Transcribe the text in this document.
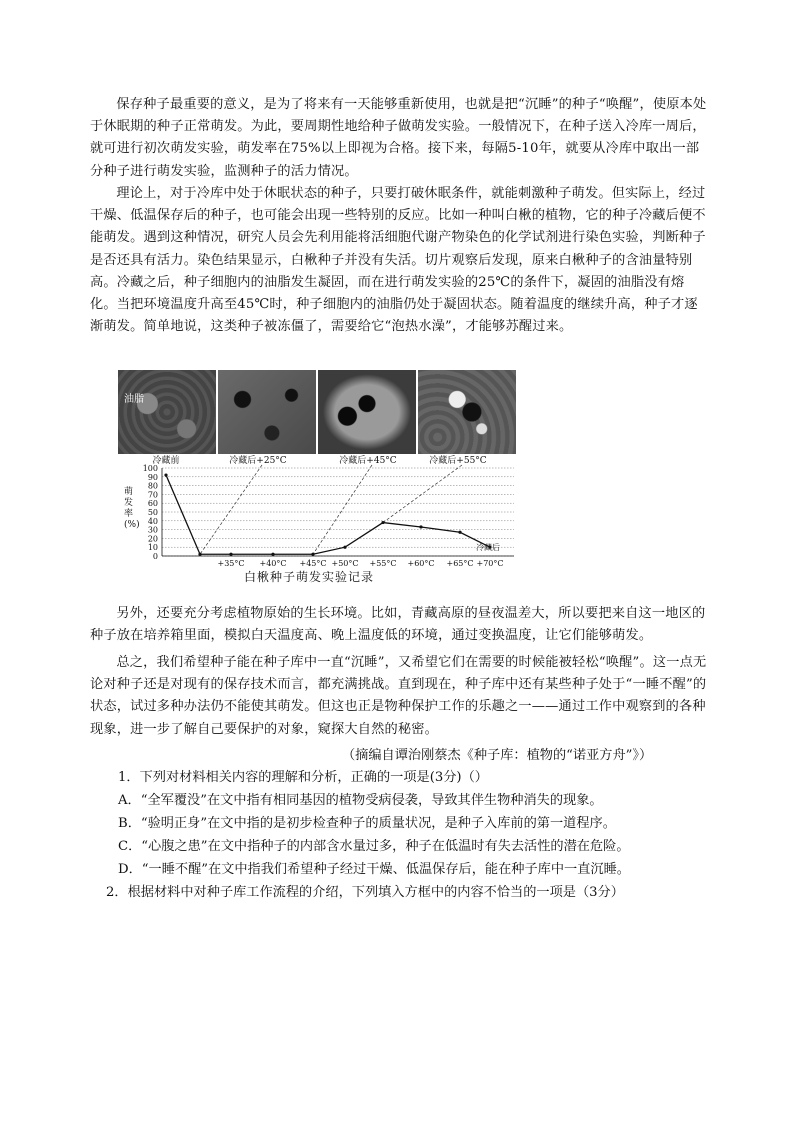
保存种子最重要的意义，是为了将来有一天能够重新使用，也就是把“沉睡”的种子“唤醒”，使原本处于休眠期的种子正常萌发。为此，要周期性地给种子做萌发实验。一般情况下，在种子送入冷库一周后，就可进行初次萌发实验，萌发率在75%以上即视为合格。接下来，每隔5-10年，就要从冷库中取出一部分种子进行萌发实验，监测种子的活力情况。

理论上，对于冷库中处于休眠状态的种子，只要打破休眠条件，就能刺激种子萌发。但实际上，经过干燥、低温保存后的种子，也可能会出现一些特别的反应。比如一种叫白楸的植物，它的种子冷藏后便不能萌发。遇到这种情况，研究人员会先利用能将活细胞代谢产物染色的化学试剂进行染色实验，判断种子是否还具有活力。染色结果显示，白楸种子并没有失活。切片观察后发现，原来白楸种子的含油量特别高。冷藏之后，种子细胞内的油脂发生凝固，而在进行萌发实验的25℃的条件下，凝固的油脂没有熔化。当把环境温度升高至45℃时，种子细胞内的油脂仍处于凝固状态。随着温度的继续升高，种子才逐渐萌发。简单地说，这类种子被冻僵了，需要给它“泡热水澡”，才能够苏醒过来。

油脂
0
10
20
30
40
50
60
70
80
90
100
+35°C +40°C +45°C +50°C +55°C +60°C +65°C +70°C
冷藏前	冷藏后+25°C	冷藏后+45°C	冷藏后+55°C
萌发率(%)
冷藏后
白楸种子萌发实验记录

另外，还要充分考虑植物原始的生长环境。比如，青藏高原的昼夜温差大，所以要把来自这一地区的种子放在培养箱里面，模拟白天温度高、晚上温度低的环境，通过变换温度，让它们能够萌发。

总之，我们希望种子能在种子库中一直“沉睡”，又希望它们在需要的时候能被轻松“唤醒”。这一点无论对种子还是对现有的保存技术而言，都充满挑战。直到现在，种子库中还有某些种子处于“一睡不醒”的状态，试过多种办法仍不能使其萌发。但这也正是物种保护工作的乐趣之一——通过工作中观察到的各种现象，进一步了解自己要保护的对象，窥探大自然的秘密。

（摘编自谭治刚蔡杰《种子库：植物的“诺亚方舟”》）

1．下列对材料相关内容的理解和分析，正确的一项是(3分)（）

A．“全军覆没”在文中指有相同基因的植物受病侵袭，导致其伴生物种消失的现象。

B．“验明正身”在文中指的是初步检查种子的质量状况，是种子入库前的第一道程序。

C．“心腹之患”在文中指种子的内部含水量过多，种子在低温时有失去活性的潜在危险。

D．“一睡不醒”在文中指我们希望种子经过干燥、低温保存后，能在种子库中一直沉睡。

2．根据材料中对种子库工作流程的介绍，下列填入方框中的内容不恰当的一项是（3分）
